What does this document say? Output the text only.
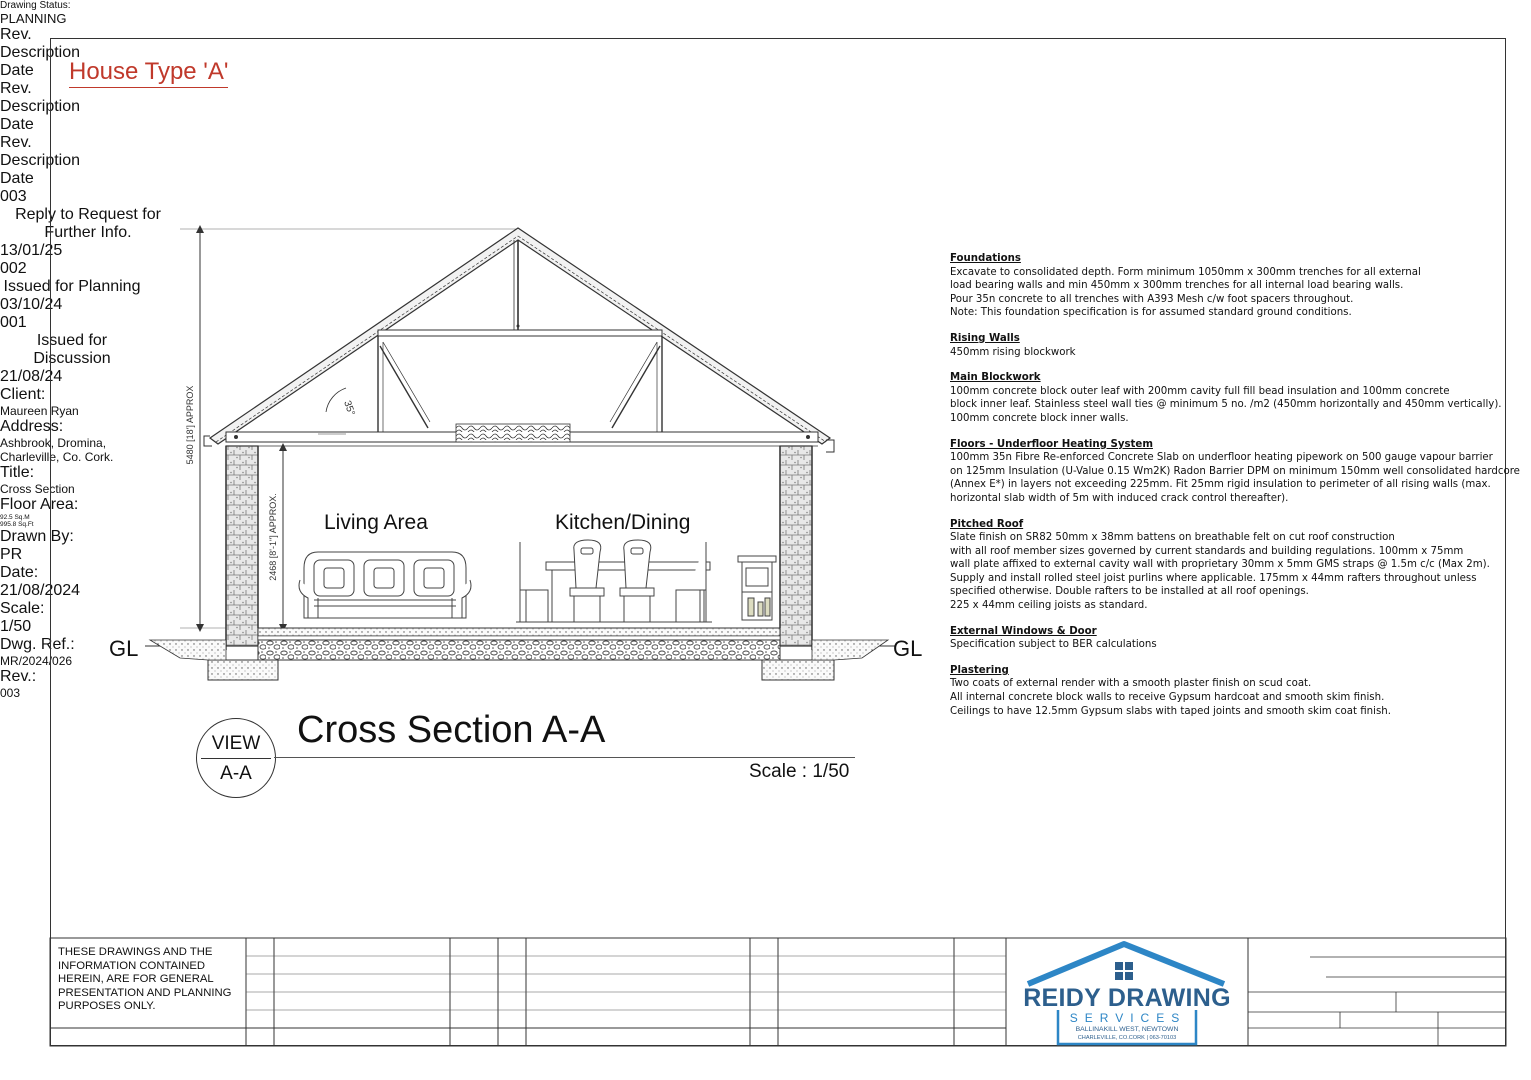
House Type 'A'
5480 [18'] APPROX
2468 [8'-1"] APPROX.
35°
Living Area	Kitchen/Dining
GL	GL
VIEW
A-A
Cross Section A-A
Scale : 1/50
Foundations
Excavate to consolidated depth. Form minimum 1050mm x 300mm trenches for all external
load bearing walls and min 450mm x 300mm trenches for all internal load bearing walls.
Pour 35n concrete to all trenches with A393 Mesh c/w foot spacers throughout.
Note: This foundation specification is for assumed standard ground conditions.
Rising Walls
450mm rising blockwork
Main Blockwork
100mm concrete block outer leaf with 200mm cavity full fill bead insulation and 100mm concrete
block inner leaf. Stainless steel wall ties @ minimum 5 no. /m2 (450mm horizontally and 450mm vertically).
100mm concrete block inner walls.
Floors - Underfloor Heating System
100mm 35n Fibre Re-enforced Concrete Slab on underfloor heating pipework on 500 gauge vapour barrier
on 125mm Insulation (U-Value 0.15 Wm2K) Radon Barrier DPM on minimum 150mm well consolidated hardcore
(Annex E*) in layers not exceeding 225mm. Fit 25mm rigid insulation to perimeter of all rising walls (max.
horizontal slab width of 5m with induced crack control thereafter).
Pitched Roof
Slate finish on SR82 50mm x 38mm battens on breathable felt on cut roof construction
with all roof member sizes governed by current standards and building regulations. 100mm x 75mm
wall plate affixed to external cavity wall with proprietary 30mm x 5mm GMS straps @ 1.5m c/c (Max 2m).
Supply and install rolled steel joist purlins where applicable. 175mm x 44mm rafters throughout unless
specified otherwise. Double rafters to be installed at all roof openings.
225 x 44mm ceiling joists as standard.
External Windows & Door
Specification subject to BER calculations
Plastering
Two coats of external render with a smooth plaster finish on scud coat.
All internal concrete block walls to receive Gypsum hardcoat and smooth skim finish.
Ceilings to have 12.5mm Gypsum slabs with taped joints and smooth skim coat finish.
THESE DRAWINGS AND THE INFORMATION CONTAINED HEREIN, ARE FOR GENERAL PRESENTATION AND PLANNING PURPOSES ONLY.
Drawing Status:
PLANNING
Rev.
Description
Date
Rev.
Description
Date
Rev.
Description
Date
003
Reply to Request for Further Info.
13/01/25
002
Issued for Planning
03/10/24
001
Issued for Discussion
21/08/24
REIDY DRAWING
SERVICES
BALLINAKILL WEST, NEWTOWN
CHARLEVILLE, CO.CORK | 063-70103
Client:
Maureen Ryan
Address:
Ashbrook, Dromina,
Charleville, Co. Cork.
Title:
Cross Section
Floor Area:
92.5 Sq.M
995.8 Sq.Ft
Drawn By:
PR
Date:
21/08/2024
Scale:
1/50
Dwg. Ref.:
MR/2024/026
Rev.:
003
